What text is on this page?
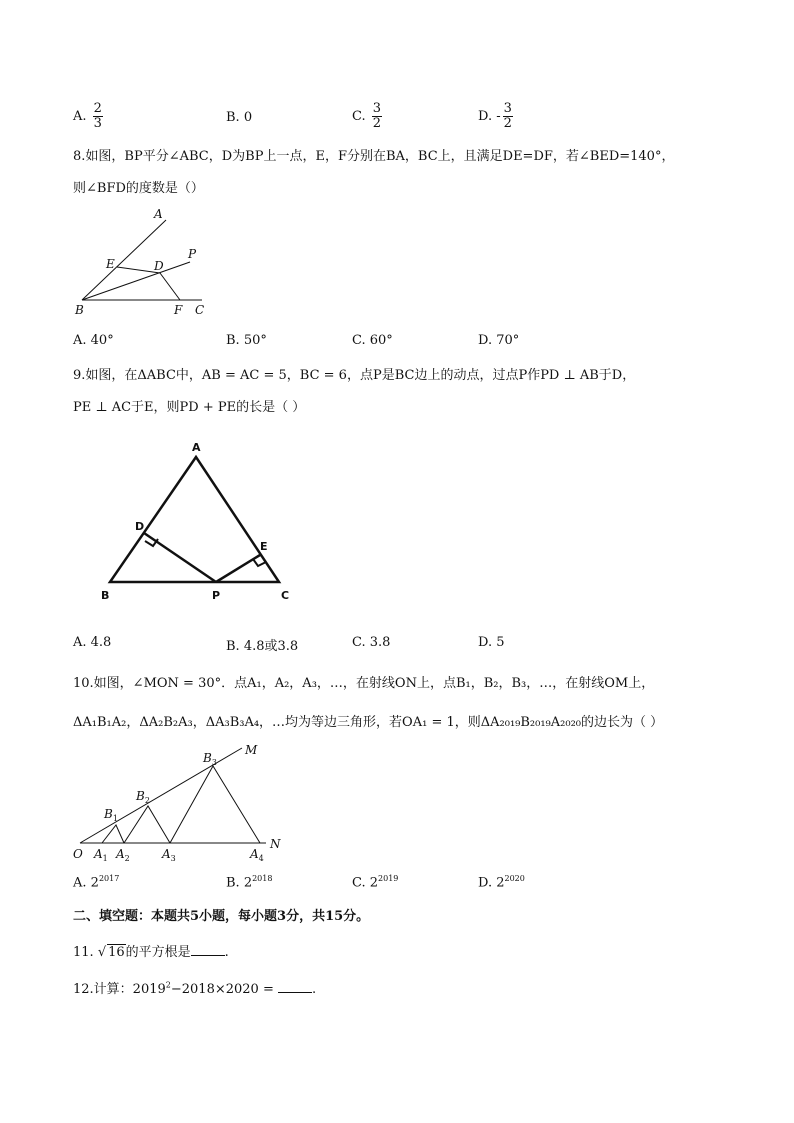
A. $\frac{2}{3}$	B. 0	C. $\frac{3}{2}$	D. - $\frac{3}{2}$
8.如图，BP平分∠ABC，D为BP上一点，E，F分别在BA，BC上，且满足DE=DF，若∠BED=140°，
则∠BFD的度数是（）
A
E	D
P
B	F C
A. 40°	B. 50°	C. 60°	D. 70°
9.如图，在ΔABC中，AB = AC = 5，BC = 6，点P是BC边上的动点，过点P作PD ⊥ AB于D，
PE ⊥ AC于E，则PD + PE的长是（ ）
A
D
E
B	P	C
A. 4.8	B. 4.8或3.8	C. 3.8	D. 5
10.如图，∠MON = 30°．点A₁，A₂，A₃，…，在射线ON上，点B₁，B₂，B₃，…，在射线OM上，
ΔA₁B₁A₂，ΔA₂B₂A₃，ΔA₃B₃A₄，…均为等边三角形，若OA₁ = 1，则ΔA₂₀₁₉B₂₀₁₉A₂₀₂₀的边长为（ ）
O $A_1$ $A_2$	$A_3$	$A_4$
$B_1$
$B_2$
$B_3$
M
N
A. $2^{2017}$	B. $2^{2018}$	C. $2^{2019}$	D. $2^{2020}$
二、填空题：本题共5小题，每小题3分，共15分。
11. √ 16的平方根是	.
12.计算：$2019^2-2018\times 2020$ =	.
